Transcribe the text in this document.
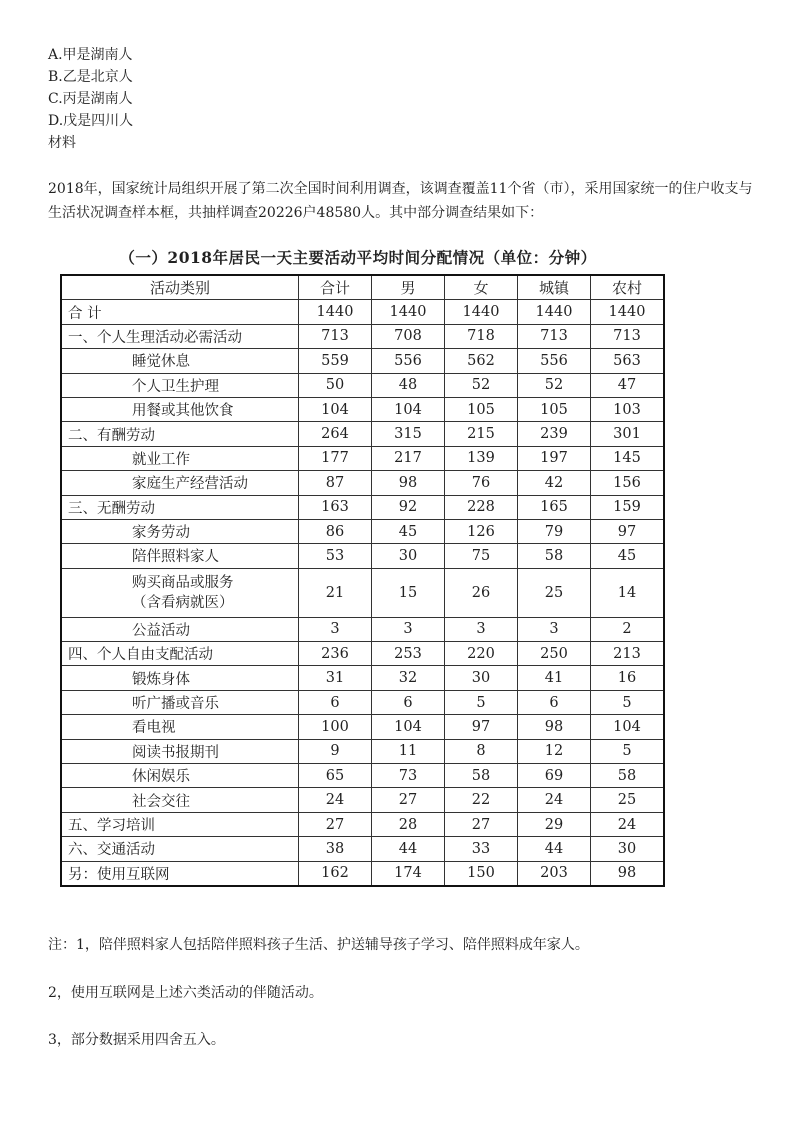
A.甲是湖南人
B.乙是北京人
C.丙是湖南人
D.戊是四川人
材料
2018年，国家统计局组织开展了第二次全国时间利用调查，该调查覆盖11个省（市），采用国家统一的住户收支与生活状况调查样本框，共抽样调查20226户48580人。其中部分调查结果如下：
（一）2018年居民一天主要活动平均时间分配情况（单位：分钟）
活动类别	合计	男	女	城镇	农村
合 计	1440	1440	1440	1440	1440
一、个人生理活动必需活动	713	708	718	713	713
睡觉休息	559	556	562	556	563
个人卫生护理	50	48	52	52	47
用餐或其他饮食	104	104	105	105	103
二、有酬劳动	264	315	215	239	301
就业工作	177	217	139	197	145
家庭生产经营活动	87	98	76	42	156
三、无酬劳动	163	92	228	165	159
家务劳动	86	45	126	79	97
陪伴照料家人	53	30	75	58	45

购买商品或服务
（含看病就医）	21	15	26	25	14
公益活动	3	3	3	3	2
四、个人自由支配活动	236	253	220	250	213
锻炼身体	31	32	30	41	16
听广播或音乐	6	6	5	6	5
看电视	100	104	97	98	104
阅读书报期刊	9	11	8	12	5
休闲娱乐	65	73	58	69	58
社会交往	24	27	22	24	25
五、学习培训	27	28	27	29	24
六、交通活动	38	44	33	44	30
另：使用互联网	162	174	150	203	98
注：1，陪伴照料家人包括陪伴照料孩子生活、护送辅导孩子学习、陪伴照料成年家人。
2，使用互联网是上述六类活动的伴随活动。
3，部分数据采用四舍五入。
